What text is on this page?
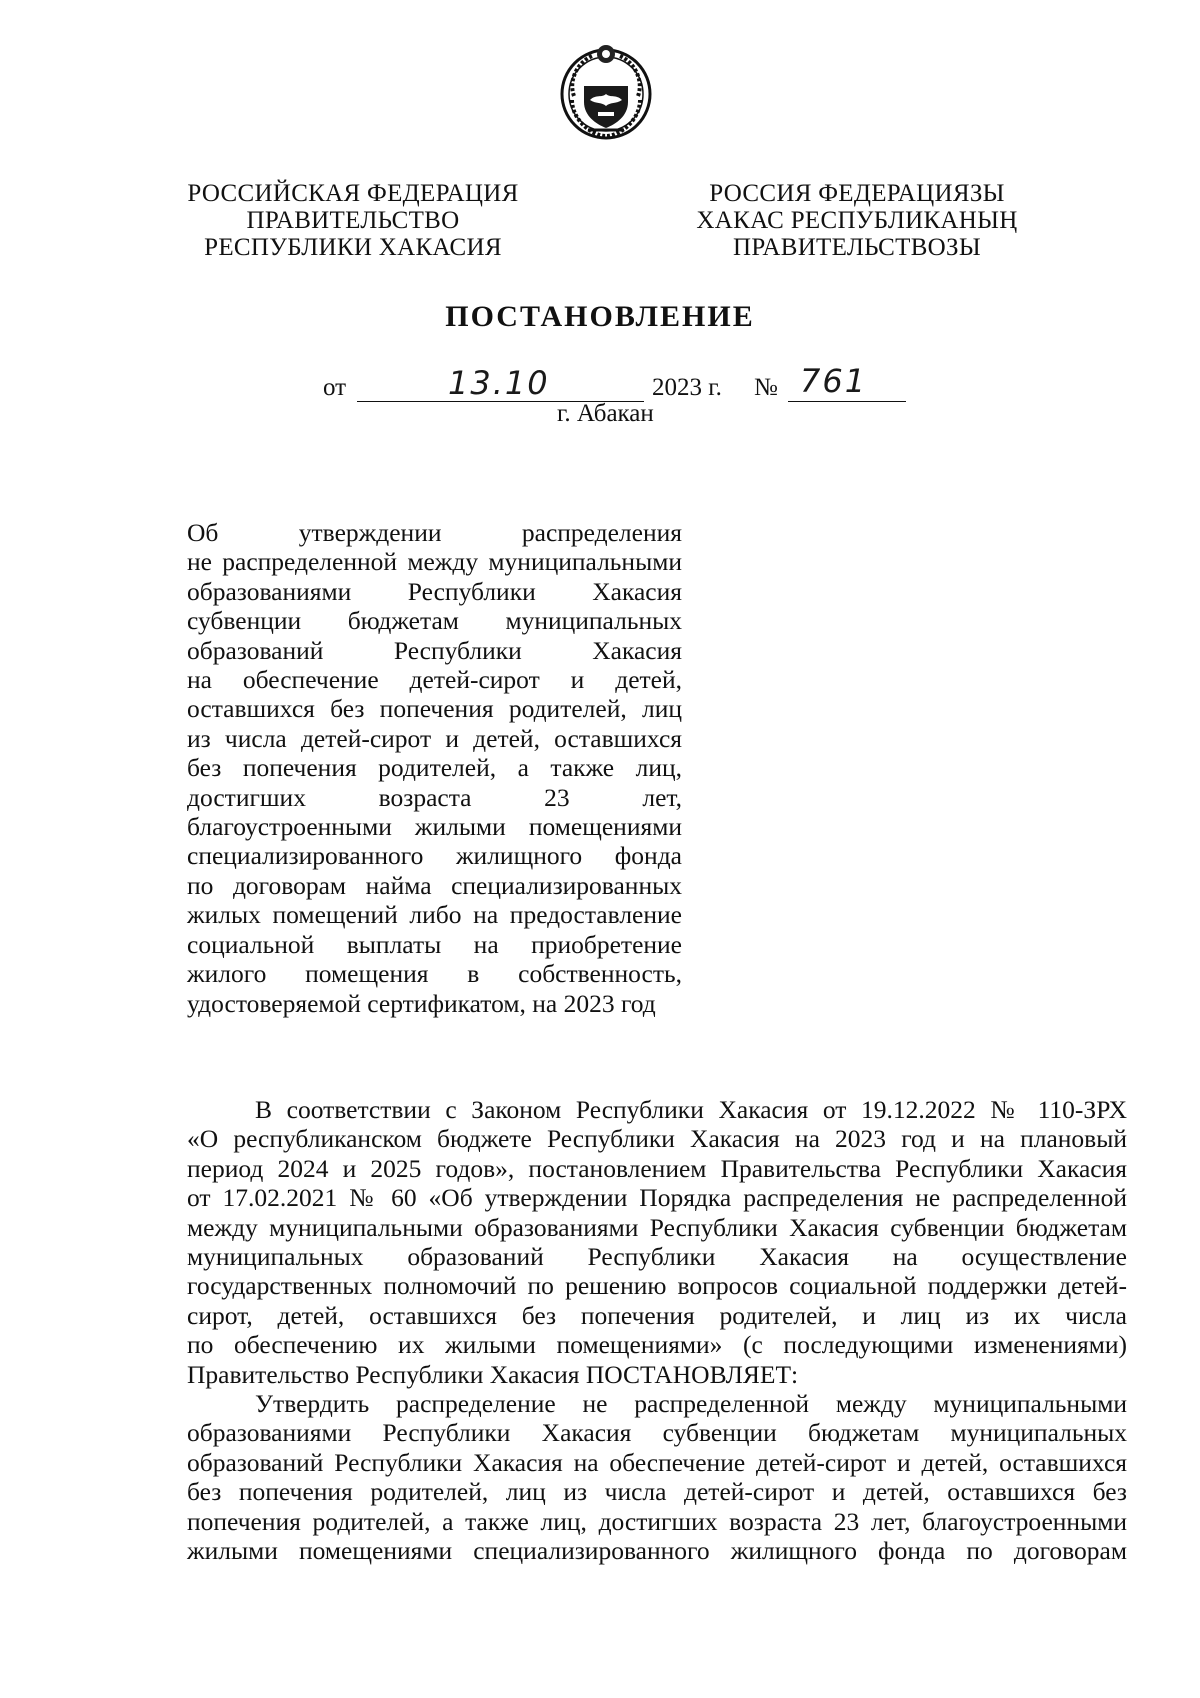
РОССИЙСКАЯ ФЕДЕРАЦИЯ
ПРАВИТЕЛЬСТВО
РЕСПУБЛИКИ ХАКАСИЯ
РОССИЯ ФЕДЕРАЦИЯЗЫ
ХАКАС РЕСПУБЛИКАНЫҢ
ПРАВИТЕЛЬСТВОЗЫ
ПОСТАНОВЛЕНИЕ
от	13.10	2023 г. № 761
г. Абакан
Об утверждении распределения
не распределенной между муниципальными
образованиями Республики Хакасия
субвенции бюджетам муниципальных
образований Республики Хакасия
на обеспечение детей-сирот и детей,
оставшихся без попечения родителей, лиц
из числа детей-сирот и детей, оставшихся
без попечения родителей, а также лиц,
достигших возраста 23 лет,
благоустроенными жилыми помещениями
специализированного жилищного фонда
по договорам найма специализированных
жилых помещений либо на предоставление
социальной выплаты на приобретение
жилого помещения в собственность,
удостоверяемой сертификатом, на 2023 год
В соответствии с Законом Республики Хакасия от 19.12.2022 № 110-ЗРХ
«О республиканском бюджете Республики Хакасия на 2023 год и на плановый
период 2024 и 2025 годов», постановлением Правительства Республики Хакасия
от 17.02.2021 № 60 «Об утверждении Порядка распределения не распределенной
между муниципальными образованиями Республики Хакасия субвенции бюджетам
муниципальных образований Республики Хакасия на осуществление
государственных полномочий по решению вопросов социальной поддержки детей-
сирот, детей, оставшихся без попечения родителей, и лиц из их числа
по обеспечению их жилыми помещениями» (с последующими изменениями)
Правительство Республики Хакасия ПОСТАНОВЛЯЕТ:
Утвердить распределение не распределенной между муниципальными
образованиями Республики Хакасия субвенции бюджетам муниципальных
образований Республики Хакасия на обеспечение детей-сирот и детей, оставшихся
без попечения родителей, лиц из числа детей-сирот и детей, оставшихся без
попечения родителей, а также лиц, достигших возраста 23 лет, благоустроенными
жилыми помещениями специализированного жилищного фонда по договорам
